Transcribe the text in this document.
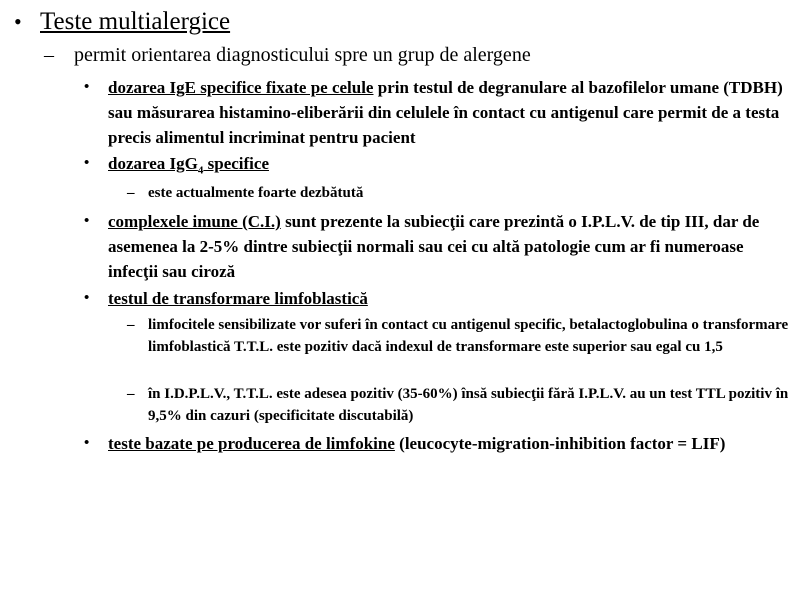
• Teste multialergice
–	permit orientarea diagnosticului spre un grup de alergene
•	dozarea IgE specifice fixate pe celule prin testul de degranulare al bazofilelor umane (TDBH) sau măsurarea histamino-eliberării din celulele în contact cu antigenul care permit de a testa precis alimentul incriminat pentru pacient
•	dozarea IgG$_4$ specifice
– este actualmente foarte dezbătută
•	complexele imune (C.I.) sunt prezente la subiecţii care prezintă o I.P.L.V. de tip III, dar de asemenea la 2-5% dintre subiecţii normali sau cei cu altă patologie cum ar fi numeroase infecţii sau ciroză
•	testul de transformare limfoblastică
– limfocitele sensibilizate vor suferi în contact cu antigenul specific, betalactoglobulina o transformare limfoblastică T.T.L. este pozitiv dacă indexul de transformare este superior sau egal cu 1,5
– în I.D.P.L.V., T.T.L. este adesea pozitiv (35-60%) însă subiecţii fără I.P.L.V. au un test TTL pozitiv în 9,5% din cazuri (specificitate discutabilă)
•	teste bazate pe producerea de limfokine (leucocyte-migration-inhibition factor = LIF)
